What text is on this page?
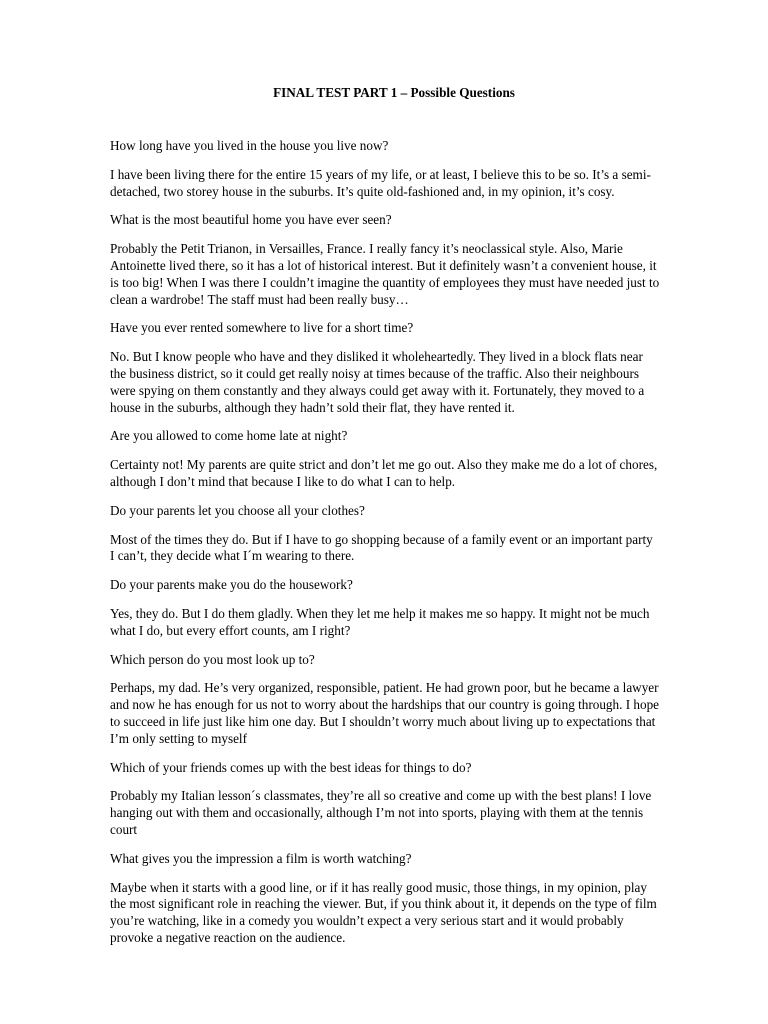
FINAL TEST PART 1 – Possible Questions

How long have you lived in the house you live now?

I have been living there for the entire 15 years of my life, or at least, I believe this to be so. It’s a semi-detached, two storey house in the suburbs. It’s quite old-fashioned and, in my opinion, it’s cosy.

What is the most beautiful home you have ever seen?

Probably the Petit Trianon, in Versailles, France. I really fancy it’s neoclassical style. Also, Marie Antoinette lived there, so it has a lot of historical interest. But it definitely wasn’t a convenient house, it is too big! When I was there I couldn’t imagine the quantity of employees they must have needed just to clean a wardrobe! The staff must had been really busy…

Have you ever rented somewhere to live for a short time?

No. But I know people who have and they disliked it wholeheartedly. They lived in a block flats near the business district, so it could get really noisy at times because of the traffic. Also their neighbours were spying on them constantly and they always could get away with it. Fortunately, they moved to a house in the suburbs, although they hadn’t sold their flat, they have rented it.

Are you allowed to come home late at night?

Certainty not! My parents are quite strict and don’t let me go out. Also they make me do a lot of chores, although I don’t mind that because I like to do what I can to help.

Do your parents let you choose all your clothes?

Most of the times they do. But if I have to go shopping because of a family event or an important party I can’t, they decide what I´m wearing to there.

Do your parents make you do the housework?

Yes, they do. But I do them gladly. When they let me help it makes me so happy. It might not be much what I do, but every effort counts, am I right?

Which person do you most look up to?

Perhaps, my dad. He’s very organized, responsible, patient. He had grown poor, but he became a lawyer and now he has enough for us not to worry about the hardships that our country is going through. I hope to succeed in life just like him one day. But I shouldn’t worry much about living up to expectations that I’m only setting to myself

Which of your friends comes up with the best ideas for things to do?

Probably my Italian lesson´s classmates, they’re all so creative and come up with the best plans! I love hanging out with them and occasionally, although I’m not into sports, playing with them at the tennis court

What gives you the impression a film is worth watching?

Maybe when it starts with a good line, or if it has really good music, those things, in my opinion, play the most significant role in reaching the viewer. But, if you think about it, it depends on the type of film you’re watching, like in a comedy you wouldn’t expect a very serious start and it would probably provoke a negative reaction on the audience.
